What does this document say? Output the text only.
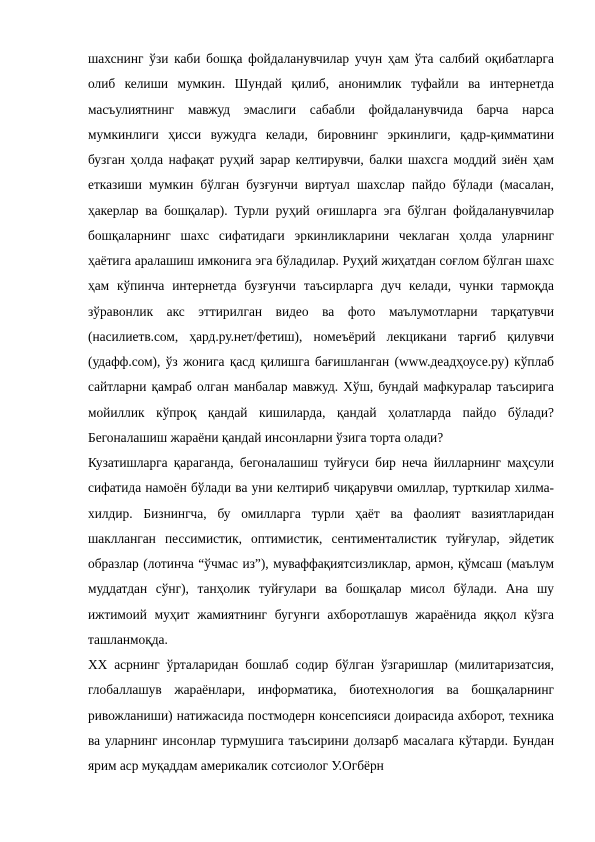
шахснинг ўзи каби бошқа фойдаланувчилар учун ҳам ўта салбий оқибатларга олиб келиши мумкин. Шундай қилиб, анонимлик туфайли ва интернетда масъулиятнинг мавжуд эмаслиги сабабли фойдаланувчида барча нарса мумкинлиги ҳисси вужудга келади, бировнинг эркинлиги, қадр-қимматини бузган ҳолда нафақат руҳий зарар келтирувчи, балки шахсга моддий зиён ҳам етказиши мумкин бўлган бузғунчи виртуал шахслар пайдо бўлади (масалан, ҳакерлар ва бошқалар). Турли руҳий оғишларга эга бўлган фойдаланувчилар бошқаларнинг шахс сифатидаги эркинликларини чеклаган ҳолда уларнинг ҳаётига аралашиш имконига эга бўладилар. Руҳий жиҳатдан соғлом бўлган шахс ҳам кўпинча интернетда бузғунчи таъсирларга дуч келади, чунки тармоқда зўравонлик акс эттирилган видео ва фото маълумотларни тарқатувчи (насилиетв.сом, ҳард.ру.нет/фетиш), номеъёрий лекцикани тарғиб қилувчи (удафф.сом), ўз жонига қасд қилишга бағишланган (www.деадҳоусе.ру) кўплаб сайтларни қамраб олган манбалар мавжуд. Хўш, бундай мафкуралар таъсирига мойиллик кўпроқ қандай кишиларда, қандай ҳолатларда пайдо бўлади? Бегоналашиш жараёни қандай инсонларни ўзига торта олади?

Кузатишларга қараганда, бегоналашиш туйғуси бир неча йилларнинг маҳсули сифатида намоён бўлади ва уни келтириб чиқарувчи омиллар, турткилар хилма-хилдир. Бизнингча, бу омилларга турли ҳаёт ва фаолият вазиятларидан шаклланган пессимистик, оптимистик, сентименталистик туйғулар, эйдетик образлар (лотинча “ўчмас из”), муваффақиятсизликлар, армон, қўмсаш (маълум муддатдан сўнг), танҳолик туйғулари ва бошқалар мисол бўлади. Ана шу ижтимоий муҳит жамиятнинг бугунги ахборотлашув жараёнида яққол кўзга ташланмоқда.

XX асрнинг ўрталаридан бошлаб содир бўлган ўзгаришлар (милитаризатсия, глобаллашув жараёнлари, информатика, биотехнология ва бошқаларнинг ривожланиши) натижасида постмодерн консепсияси доирасида ахборот, техника ва уларнинг инсонлар турмушига таъсирини долзарб масалага кўтарди. Бундан ярим аср муқаддам америкалик сотсиолог У.Огбёрн
